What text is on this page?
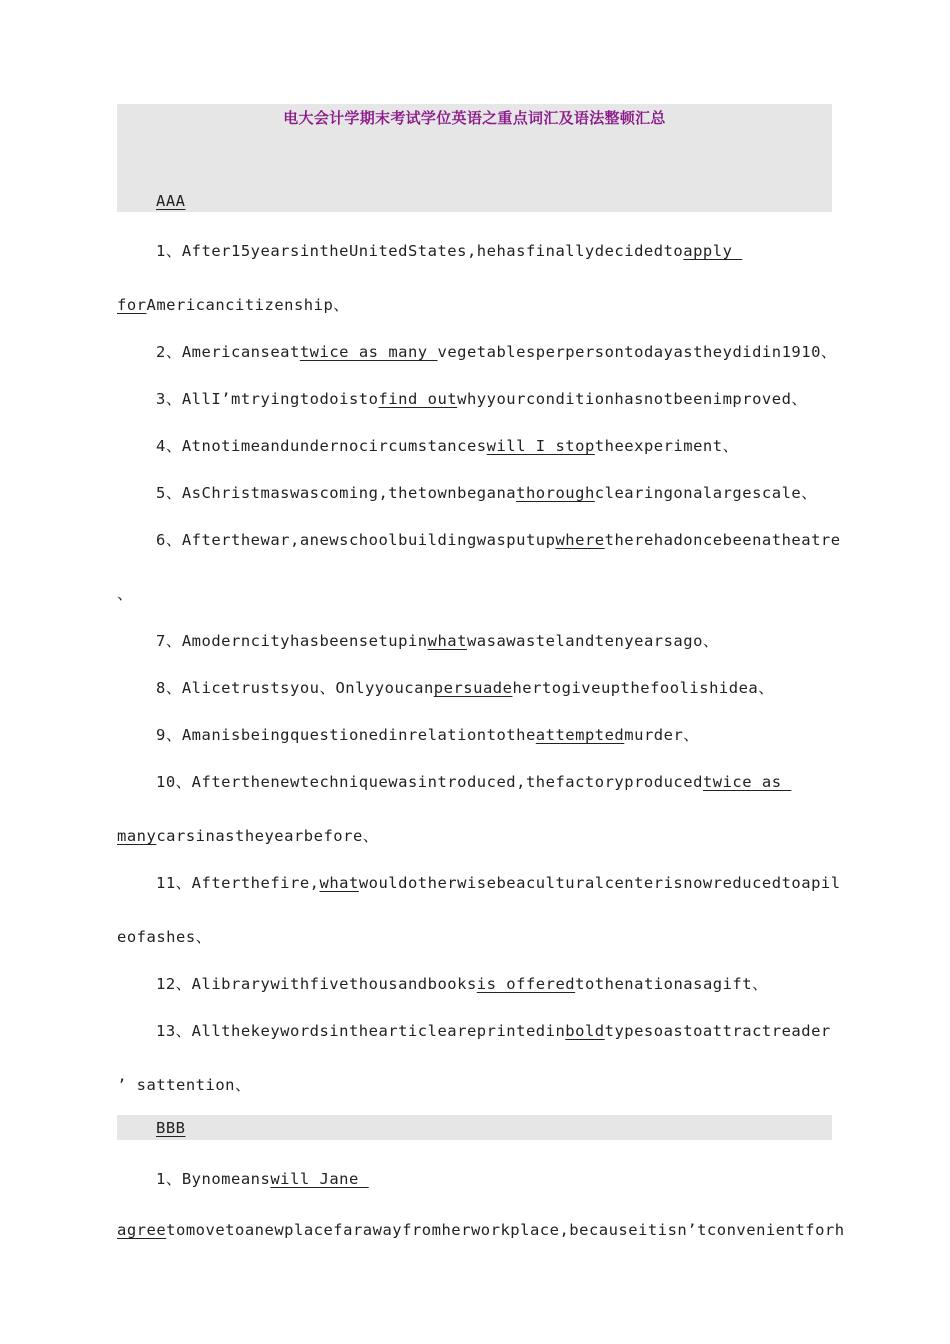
电大会计学期末考试学位英语之重点词汇及语法整顿汇总
AAA
BBB
1、After15yearsintheUnitedStates,hehasfinallydecidedtoapply
forAmericancitizenship、
2、Americanseattwice as many vegetablesperpersontodayastheydidin1910、
3、AllI’mtryingtodoistofind outwhyyourconditionhasnotbeenimproved、
4、Atnotimeandundernocircumstanceswill I stoptheexperiment、
5、AsChristmaswascoming,thetownbeganathoroughclearingonalargescale、
6、Afterthewar,anewschoolbuildingwasputupwheretherehadoncebeenatheatre
、
7、Amoderncityhasbeensetupinwhatwasawastelandtenyearsago、
8、Alicetrustsyou、Onlyyoucanpersuadehertogiveupthefoolishidea、
9、Amanisbeingquestionedinrelationtotheattemptedmurder、
10、Afterthenewtechniquewasintroduced,thefactoryproducedtwice as
manycarsinastheyearbefore、
11、Afterthefire,whatwouldotherwisebeaculturalcenterisnowreducedtoapil
eofashes、
12、Alibrarywithfivethousandbooksis offeredtothenationasagift、
13、Allthekeywordsinthearticleareprintedinboldtypesoastoattractreader
’ sattention、
1、Bynomeanswill Jane
agreetomovetoanewplacefarawayfromherworkplace,becauseitisn’tconvenientforh
